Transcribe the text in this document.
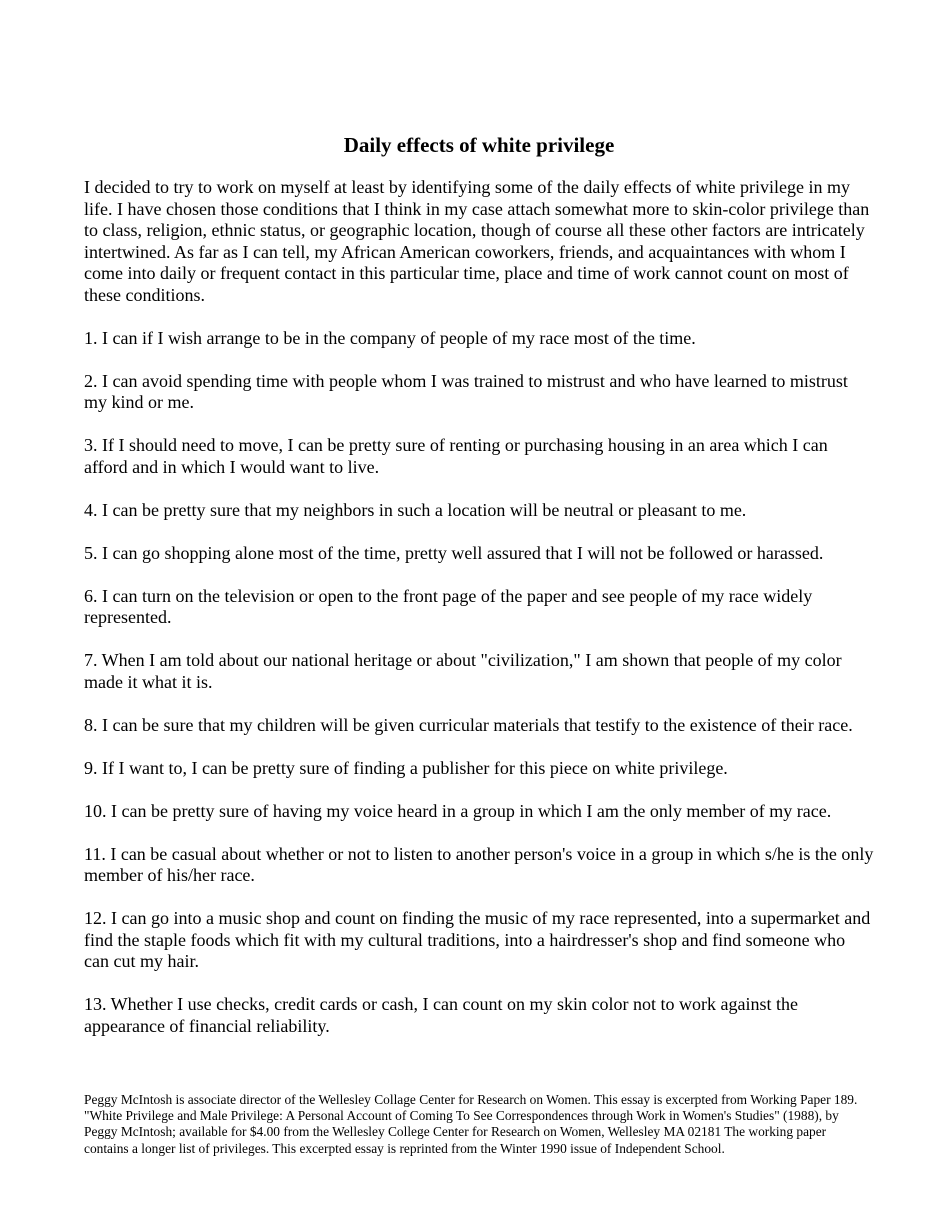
Daily effects of white privilege

I decided to try to work on myself at least by identifying some of the daily effects of white privilege in my life. I have chosen those conditions that I think in my case attach somewhat more to skin-color privilege than to class, religion, ethnic status, or geographic location, though of course all these other factors are intricately intertwined. As far as I can tell, my African American coworkers, friends, and acquaintances with whom I come into daily or frequent contact in this particular time, place and time of work cannot count on most of these conditions.

1. I can if I wish arrange to be in the company of people of my race most of the time.

2. I can avoid spending time with people whom I was trained to mistrust and who have learned to mistrust my kind or me.

3. If I should need to move, I can be pretty sure of renting or purchasing housing in an area which I can afford and in which I would want to live.

4. I can be pretty sure that my neighbors in such a location will be neutral or pleasant to me.

5. I can go shopping alone most of the time, pretty well assured that I will not be followed or harassed.

6. I can turn on the television or open to the front page of the paper and see people of my race widely represented.

7. When I am told about our national heritage or about "civilization," I am shown that people of my color made it what it is.

8. I can be sure that my children will be given curricular materials that testify to the existence of their race.

9. If I want to, I can be pretty sure of finding a publisher for this piece on white privilege.

10. I can be pretty sure of having my voice heard in a group in which I am the only member of my race.

11. I can be casual about whether or not to listen to another person's voice in a group in which s/he is the only member of his/her race.

12. I can go into a music shop and count on finding the music of my race represented, into a supermarket and find the staple foods which fit with my cultural traditions, into a hairdresser's shop and find someone who can cut my hair.

13. Whether I use checks, credit cards or cash, I can count on my skin color not to work against the appearance of financial reliability.

Peggy McIntosh is associate director of the Wellesley Collage Center for Research on Women. This essay is excerpted from Working Paper 189. "White Privilege and Male Privilege: A Personal Account of Coming To See Correspondences through Work in Women's Studies" (1988), by Peggy McIntosh; available for $4.00 from the Wellesley College Center for Research on Women, Wellesley MA 02181 The working paper contains a longer list of privileges. This excerpted essay is reprinted from the Winter 1990 issue of Independent School.
